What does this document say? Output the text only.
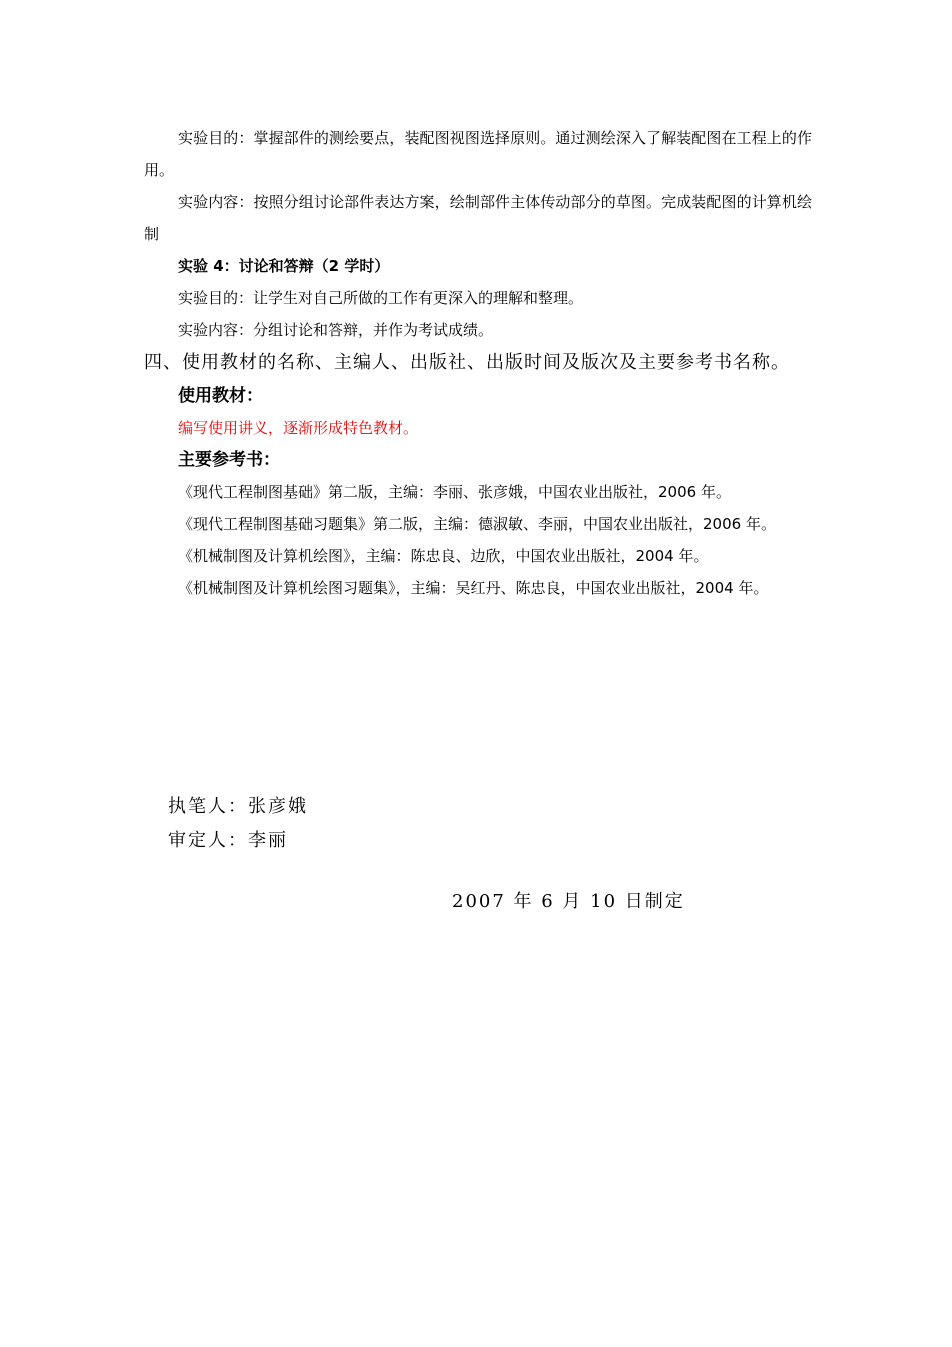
实验目的：掌握部件的测绘要点，装配图视图选择原则。通过测绘深入了解装配图在工程上的作用。

实验内容：按照分组讨论部件表达方案，绘制部件主体传动部分的草图。完成装配图的计算机绘制

实验 4：讨论和答辩（2 学时）

实验目的：让学生对自己所做的工作有更深入的理解和整理。

实验内容：分组讨论和答辩，并作为考试成绩。

四、使用教材的名称、主编人、出版社、出版时间及版次及主要参考书名称。

使用教材：

编写使用讲义，逐渐形成特色教材。

主要参考书：

《现代工程制图基础》第二版，主编：李丽、张彦娥，中国农业出版社，2006 年。

《现代工程制图基础习题集》第二版，主编：德淑敏、李丽，中国农业出版社，2006 年。

《机械制图及计算机绘图》，主编：陈忠良、边欣，中国农业出版社，2004 年。

《机械制图及计算机绘图习题集》，主编：吴红丹、陈忠良，中国农业出版社，2004 年。

执笔人：张彦娥
审定人：李丽
2007 年 6 月 10 日制定
